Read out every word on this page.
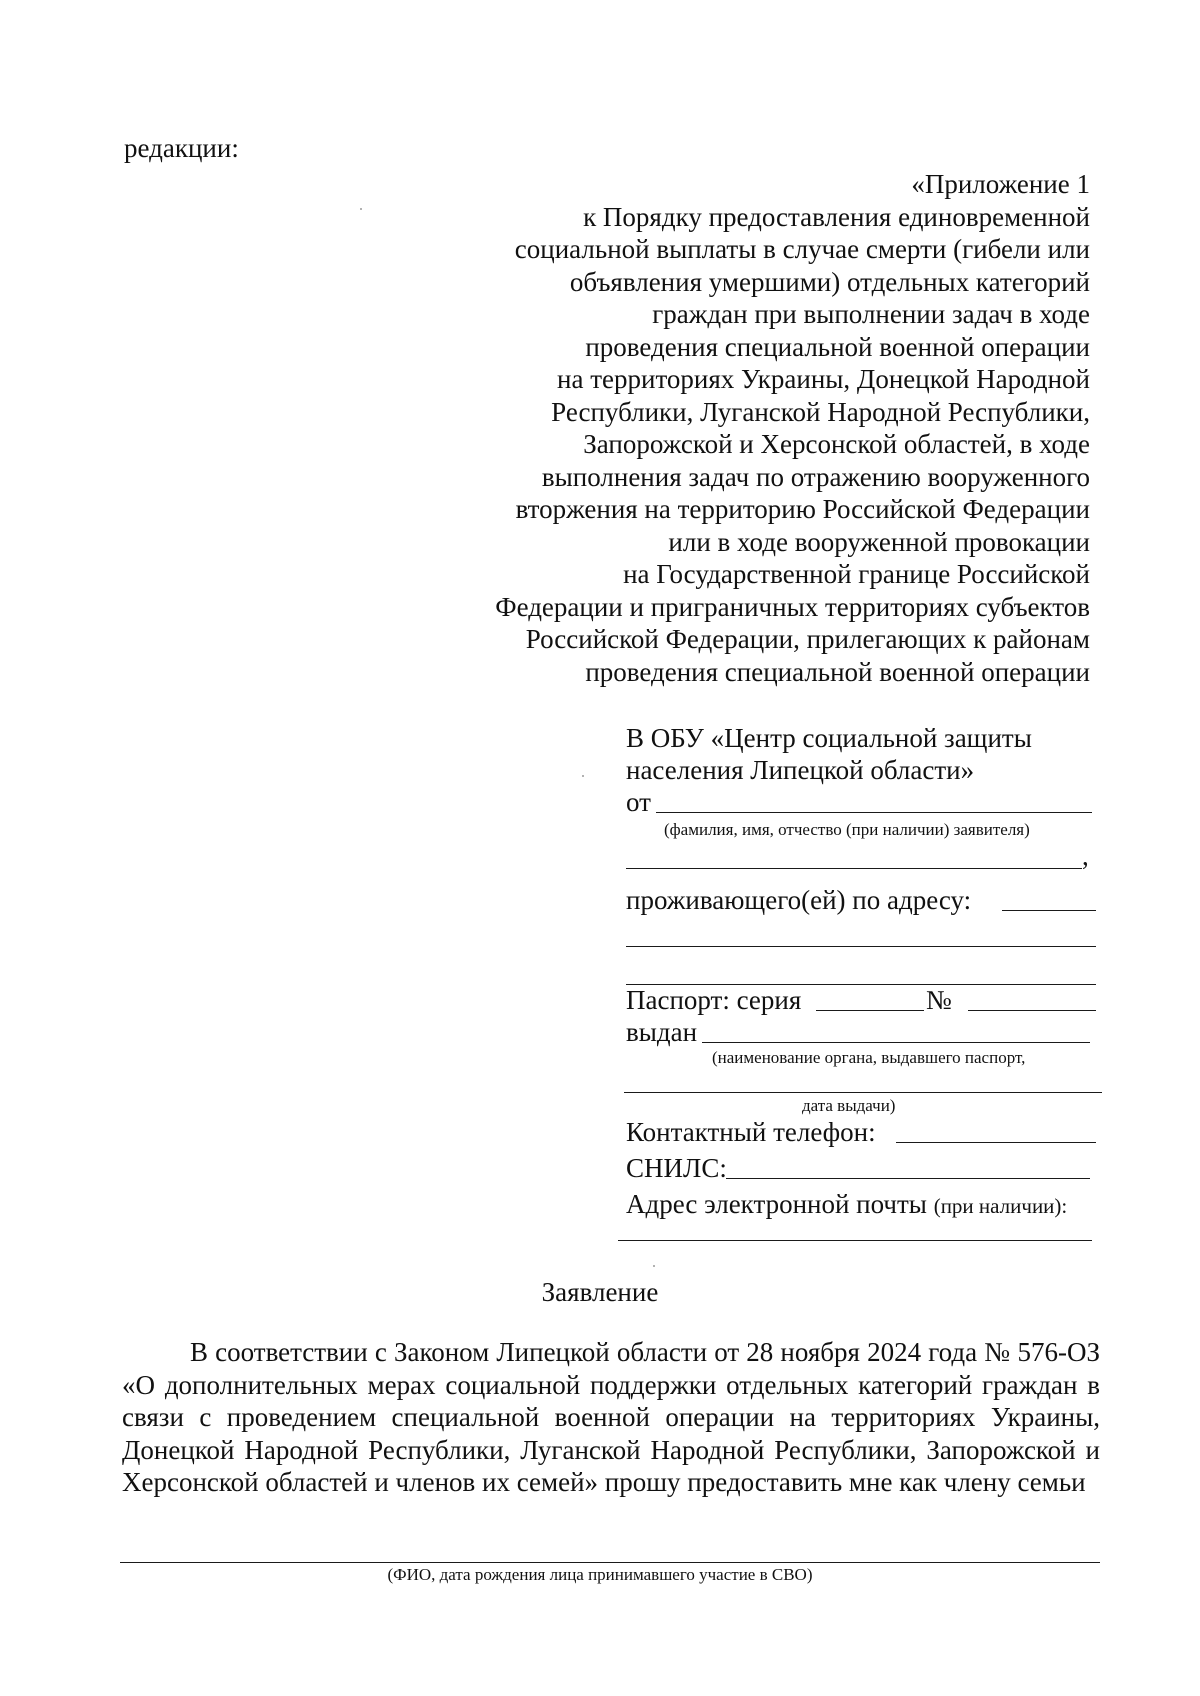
редакции:
«Приложение 1
к Порядку предоставления единовременной
социальной выплаты в случае смерти (гибели или
объявления умершими) отдельных категорий
граждан при выполнении задач в ходе
проведения специальной военной операции
на территориях Украины, Донецкой Народной
Республики, Луганской Народной Республики,
Запорожской и Херсонской областей, в ходе
выполнения задач по отражению вооруженного
вторжения на территорию Российской Федерации
или в ходе вооруженной провокации
на Государственной границе Российской
Федерации и приграничных территориях субъектов
Российской Федерации, прилегающих к районам
проведения специальной военной операции
В ОБУ «Центр социальной защиты
населения Липецкой области»
от
(фамилия, имя, отчество (при наличии) заявителя)
,
проживающего(ей) по адресу:
Паспорт: серия	№
выдан
(наименование органа, выдавшего паспорт,
дата выдачи)
Контактный телефон:
СНИЛС:
Адрес электронной почты (при наличии):
Заявление
В соответствии с Законом Липецкой области от 28 ноября 2024 года № 576-ОЗ «О дополнительных мерах социальной поддержки отдельных категорий граждан в связи с проведением специальной военной операции на территориях Украины, Донецкой Народной Республики, Луганской Народной Республики, Запорожской и Херсонской областей и членов их семей» прошу предоставить мне как члену семьи
(ФИО, дата рождения лица принимавшего участие в СВО)
